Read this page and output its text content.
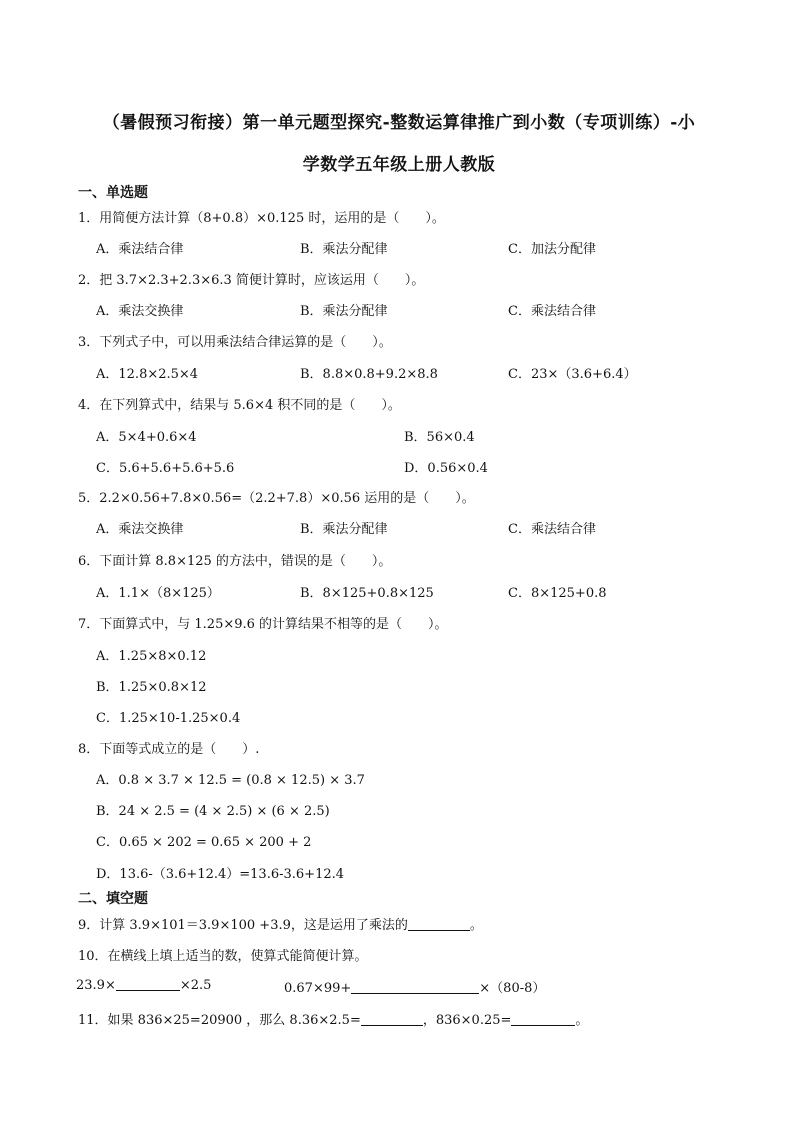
（暑假预习衔接）第一单元题型探究-整数运算律推广到小数（专项训练）-小
学数学五年级上册人教版
一、单选题
1．用简便方法计算（8+0.8）×0.125 时，运用的是（　　）。
A．乘法结合律	B．乘法分配律	C．加法分配律
2．把 3.7×2.3+2.3×6.3 简便计算时，应该运用（　　）。
A．乘法交换律	B．乘法分配律	C．乘法结合律
3．下列式子中，可以用乘法结合律运算的是（　　）。
A．12.8×2.5×4	B．8.8×0.8+9.2×8.8	C．23×（3.6+6.4）
4．在下列算式中，结果与 5.6×4 积不同的是（　　）。
A．5×4+0.6×4	B．56×0.4
C．5.6+5.6+5.6+5.6	D．0.56×0.4
5．2.2×0.56+7.8×0.56=（2.2+7.8）×0.56 运用的是（　　）。
A．乘法交换律	B．乘法分配律	C．乘法结合律
6．下面计算 8.8×125 的方法中，错误的是（　　）。
A．1.1×（8×125）	B．8×125+0.8×125	C．8×125+0.8
7．下面算式中，与 1.25×9.6 的计算结果不相等的是（　　）。
A．1.25×8×0.12
B．1.25×0.8×12
C．1.25×10-1.25×0.4
8．下面等式成立的是（　　）.
A．0.8 × 3.7 × 12.5 = (0.8 × 12.5) × 3.7
B．24 × 2.5 = (4 × 2.5) × (6 × 2.5)
C．0.65 × 202 = 0.65 × 200 + 2
D．13.6-（3.6+12.4）=13.6-3.6+12.4
二、填空题
9．计算 3.9×101＝3.9×100 +3.9，这是运用了乘法的	。
10．在横线上填上适当的数，使算式能简便计算。
23.9×	×2.5	0.67×99+	×（80-8）
11．如果 836×25=20900 ，那么 8.36×2.5=	，836×0.25=	。
